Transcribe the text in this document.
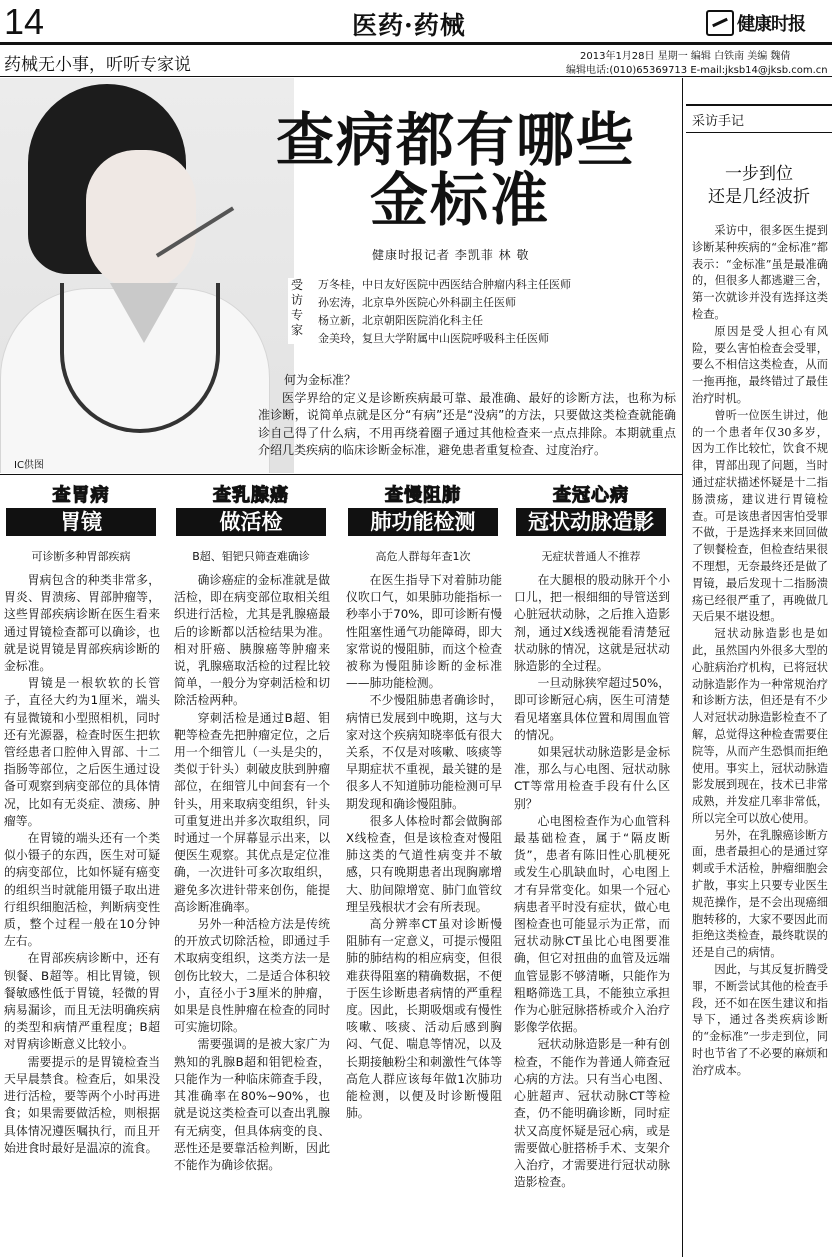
14	医药·药械	健康时报
药械无小事，听听专家说	2013年1月28日 星期一 编辑 白铁南 美编 魏倩
编辑电话:(010)65369713 E-mail:jksb14@jksb.com.cn
IC供图
查病都有哪些
金标准
健康时报记者 李凯菲 林 敬
受访专家
万冬桂，中日友好医院中西医结合肿瘤内科主任医师
孙宏涛，北京阜外医院心外科副主任医师
杨立新，北京朝阳医院消化科主任
金美玲，复旦大学附属中山医院呼吸科主任医师
何为金标准？

医学界给的定义是诊断疾病最可靠、最准确、最好的诊断方法，也称为标准诊断，说简单点就是区分“有病”还是“没病”的方法，只要做这类检查就能确诊自己得了什么病，不用再绕着圈子通过其他检查来一点点排除。本期就重点介绍几类疾病的临床诊断金标准，避免患者重复检查、过度治疗。

查胃病
胃镜
可诊断多种胃部疾病
查乳腺癌
做活检
B超、钼钯只筛查难确诊
查慢阻肺
肺功能检测
高危人群每年查1次
查冠心病
冠状动脉造影
无症状普通人不推荐

胃病包含的种类非常多，胃炎、胃溃疡、胃部肿瘤等，这些胃部疾病诊断在医生看来通过胃镜检查都可以确诊，也就是说胃镜是胃部疾病诊断的金标准。

胃镜是一根软软的长管子，直径大约为1厘米，端头有显微镜和小型照相机，同时还有光源器，检查时医生把软管经患者口腔伸入胃部、十二指肠等部位，之后医生通过设备可观察到病变部位的具体情况，比如有无炎症、溃疡、肿瘤等。

在胃镜的端头还有一个类似小镊子的东西，医生对可疑的病变部位，比如怀疑有癌变的组织当时就能用镊子取出进行组织细胞活检，判断病变性质，整个过程一般在10分钟左右。

在胃部疾病诊断中，还有钡餐、B超等。相比胃镜，钡餐敏感性低于胃镜，轻微的胃病易漏诊，而且无法明确疾病的类型和病情严重程度；B超对胃病诊断意义比较小。

需要提示的是胃镜检查当天早晨禁食。检查后，如果没进行活检，要等两个小时再进食；如果需要做活检，则根据具体情况遵医嘱执行，而且开始进食时最好是温凉的流食。

确诊癌症的金标准就是做活检，即在病变部位取相关组织进行活检，尤其是乳腺癌最后的诊断都以活检结果为准。相对肝癌、胰腺癌等肿瘤来说，乳腺癌取活检的过程比较简单，一般分为穿刺活检和切除活检两种。

穿刺活检是通过B超、钼靶等检查先把肿瘤定位，之后用一个细管儿（一头是尖的，类似于针头）刺破皮肤到肿瘤部位，在细管儿中间套有一个针头，用来取病变组织，针头可重复进出并多次取组织，同时通过一个屏幕显示出来，以便医生观察。其优点是定位准确，一次进针可多次取组织，避免多次进针带来创伤，能提高诊断准确率。

另外一种活检方法是传统的开放式切除活检，即通过手术取病变组织，这类方法一是创伤比较大，二是适合体积较小，直径小于3厘米的肿瘤，如果是良性肿瘤在检查的同时可实施切除。

需要强调的是被大家广为熟知的乳腺B超和钼钯检查，只能作为一种临床筛查手段，其准确率在80%~90%，也就是说这类检查可以查出乳腺有无病变，但具体病变的良、恶性还是要靠活检判断，因此不能作为确诊依据。

在医生指导下对着肺功能仪吹口气，如果肺功能指标一秒率小于70%，即可诊断有慢性阻塞性通气功能障碍，即大家常说的慢阻肺，而这个检查被称为慢阻肺诊断的金标准——肺功能检测。

不少慢阻肺患者确诊时，病情已发展到中晚期，这与大家对这个疾病知晓率低有很大关系，不仅是对咳嗽、咳痰等早期症状不重视，最关键的是很多人不知道肺功能检测可早期发现和确诊慢阻肺。

很多人体检时都会做胸部X线检查，但是该检查对慢阻肺这类的气道性病变并不敏感，只有晚期患者出现胸廓增大、肋间隙增宽、肺门血管纹理呈残根状才会有所表现。

高分辨率CT虽对诊断慢阻肺有一定意义，可提示慢阻肺的肺结构的相应病变，但很难获得阻塞的精确数据，不便于医生诊断患者病情的严重程度。因此，长期吸烟或有慢性咳嗽、咳痰、活动后感到胸闷、气促、喘息等情况，以及长期接触粉尘和刺激性气体等高危人群应该每年做1次肺功能检测，以便及时诊断慢阻肺。

在大腿根的股动脉开个小口儿，把一根细细的导管送到心脏冠状动脉，之后推入造影剂，通过X线透视能看清楚冠状动脉的情况，这就是冠状动脉造影的全过程。

一旦动脉狭窄超过50%，即可诊断冠心病，医生可清楚看见堵塞具体位置和周围血管的情况。

如果冠状动脉造影是金标准，那么与心电图、冠状动脉CT等常用检查手段有什么区别？

心电图检查作为心血管科最基础检查，属于“隔皮断货”，患者有陈旧性心肌梗死或发生心肌缺血时，心电图上才有异常变化。如果一个冠心病患者平时没有症状，做心电图检查也可能显示为正常，而冠状动脉CT虽比心电图要准确，但它对扭曲的血管及远端血管显影不够清晰，只能作为粗略筛选工具，不能独立承担作为心脏冠脉搭桥或介入治疗影像学依据。

冠状动脉造影是一种有创检查，不能作为普通人筛查冠心病的方法。只有当心电图、心脏超声、冠状动脉CT等检查，仍不能明确诊断，同时症状又高度怀疑是冠心病，或是需要做心脏搭桥手术、支架介入治疗，才需要进行冠状动脉造影检查。

采访手记
一步到位
还是几经波折

采访中，很多医生提到诊断某种疾病的“金标准”都表示：“金标准”虽是最准确的，但很多人都逃避三舍，第一次就诊并没有选择这类检查。

原因是受人担心有风险，要么害怕检查会受罪，要么不相信这类检查，从而一拖再拖，最终错过了最佳治疗时机。

曾听一位医生讲过，他的一个患者年仅30多岁，因为工作比较忙，饮食不规律，胃部出现了问题，当时通过症状描述怀疑是十二指肠溃疡，建议进行胃镜检查。可是该患者因害怕受罪不做，于是选择来来回回做了钡餐检查，但检查结果很不理想，无奈最终还是做了胃镜，最后发现十二指肠溃疡已经很严重了，再晚做几天后果不堪设想。

冠状动脉造影也是如此，虽然国内外很多大型的心脏病治疗机构，已将冠状动脉造影作为一种常规治疗和诊断方法，但还是有不少人对冠状动脉造影检查不了解，总觉得这种检查需要住院等，从而产生恐惧而拒绝使用。事实上，冠状动脉造影发展到现在，技术已非常成熟，并发症几率非常低，所以完全可以放心使用。

另外，在乳腺癌诊断方面，患者最担心的是通过穿刺或手术活检，肿瘤细胞会扩散，事实上只要专业医生规范操作，是不会出现癌细胞转移的，大家不要因此而拒绝这类检查，最终耽误的还是自己的病情。

因此，与其反复折腾受罪，不断尝试其他的检查手段，还不如在医生建议和指导下，通过各类疾病诊断的“金标准”一步走到位，同时也节省了不必要的麻烦和治疗成本。
